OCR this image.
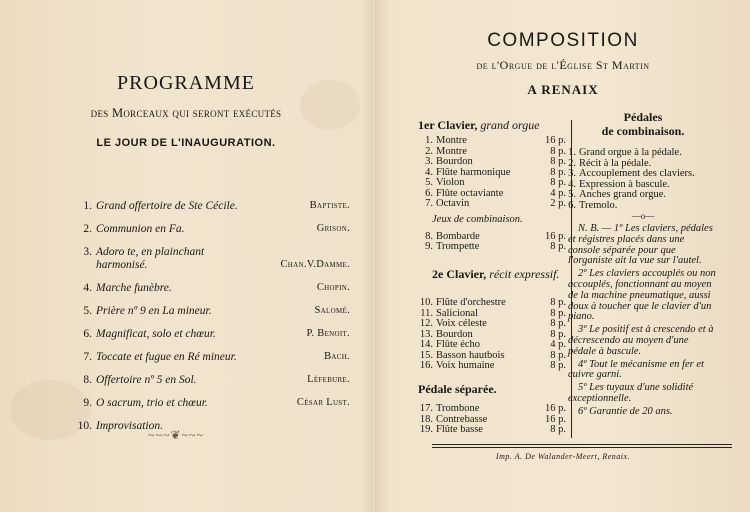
PROGRAMME
des Morceaux qui seront exécutés
LE JOUR DE L'INAUGURATION.
1. Grand offertoire de Ste Cécile.	Baptiste.
2. Communion en Fa.	Grison.
3. Adoro te, en plainchant harmonisé.	Chan.V.Damme.
4. Marche funèbre.	Chopin.
5. Prière nº 9 en La mineur.	Salomé.
6. Magnificat, solo et chœur.	P. Benoit.
7. Toccate et fugue en Ré mineur.	Bach.
8. Offertoire nº 5 en Sol.	Léfebure.
9. O sacrum, trio et chœur.	César Lust.
10. Improvisation.
~~~❦~~~
COMPOSITION
de l'Orgue de l'Église St Martin
A RENAIX
1er Clavier, grand orgue
1. Montre	16 p.
2. Montre	8 p.
3. Bourdon	8 p.
4. Flûte harmonique	8 p.
5. Violon	8 p.
6. Flûte octaviante	4 p.
7. Octavin	2 p.
Jeux de combinaison.
8. Bombarde	16 p.
9. Trompette	8 p.
2e Clavier, récit expressif.
10. Flûte d'orchestre	8 p.
11. Salicional	8 p.
12. Voix céleste	8 p.
13. Bourdon	8 p.
14. Flûte écho	4 p.
15. Basson hautbois	8 p.
16. Voix humaine	8 p.
Pédale séparée.
17. Trombone	16 p.
18. Contrebasse	16 p.
19. Flûte basse	8 p.
Pédales
de combinaison.
1. Grand orgue à la pédale.
2. Récit à la pédale.
3. Accouplement des claviers.
4. Expression à bascule.
5. Anches grand orgue.
6. Tremolo.
—o—

N. B. — 1º Les claviers, pédales et régistres placés dans une console séparée pour que l'organiste ait la vue sur l'autel.

2º Les claviers accouplés ou non accouplés, fonctionnant au moyen de la machine pneumatique, aussi doux à toucher que le clavier d'un piano.

3º Le positif est à crescendo et à décrescendo au moyen d'une pédale à bascule.

4º Tout le mécanisme en fer et cuivre garni.

5º Les tuyaux d'une solidité exceptionnelle.

6º Garantie de 20 ans.

Imp. A. De Walander-Meert, Renaix.
